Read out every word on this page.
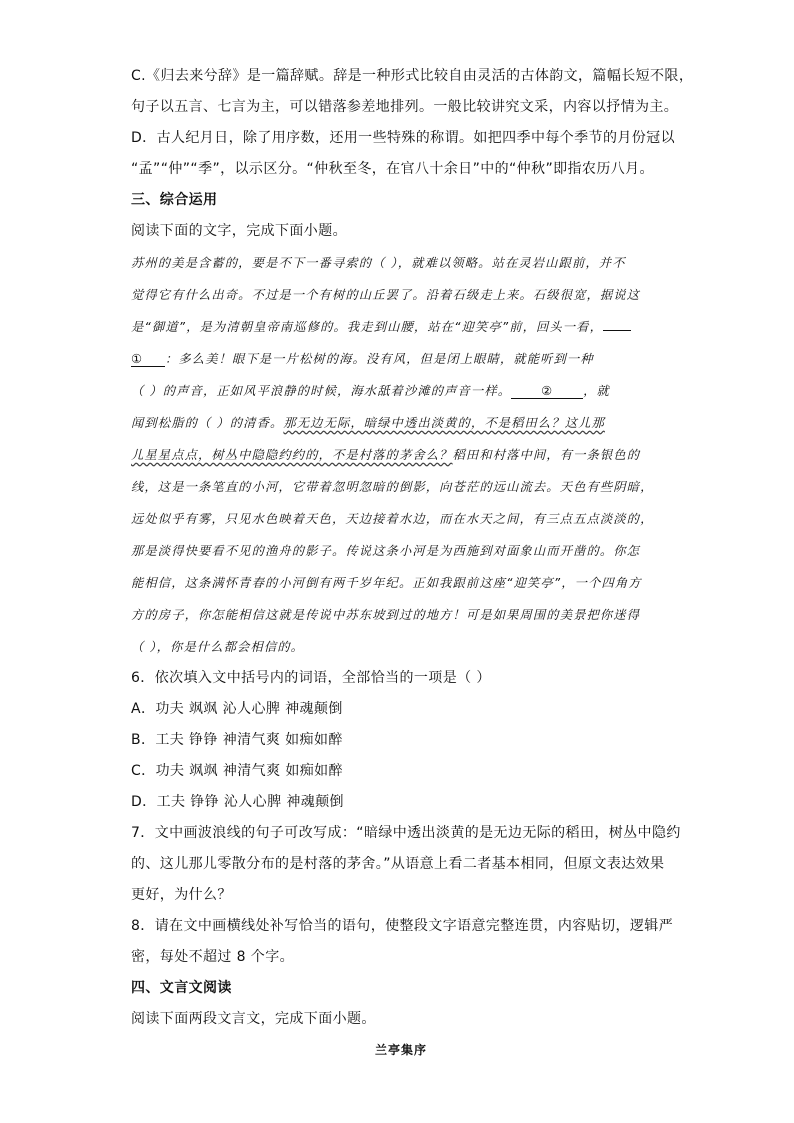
C.《归去来兮辞》是一篇辞赋。辞是一种形式比较自由灵活的古体韵文，篇幅长短不限，
句子以五言、七言为主，可以错落参差地排列。一般比较讲究文采，内容以抒情为主。
D．古人纪月日，除了用序数，还用一些特殊的称谓。如把四季中每个季节的月份冠以
“孟”“仲”“季”，以示区分。“仲秋至冬，在官八十余日”中的“仲秋”即指农历八月。
三、综合运用
阅读下面的文字，完成下面小题。
苏州的美是含蓄的，要是不下一番寻索的（ ），就难以领略。站在灵岩山跟前，并不
觉得它有什么出奇。不过是一个有树的山丘罢了。沿着石级走上来。石级很宽，据说这
是“御道”，是为清朝皇帝南巡修的。我走到山腰，站在“迎笑亭”前，回头一看，
① ：多么美！眼下是一片松树的海。没有风，但是闭上眼睛，就能听到一种
（ ）的声音，正如风平浪静的时候，海水舐着沙滩的声音一样。 ② ，就
闻到松脂的（ ）的清香。那无边无际，暗绿中透出淡黄的，不是稻田么？这儿那
儿星星点点，树丛中隐隐约约的，不是村落的茅舍么？稻田和村落中间，有一条银色的
线，这是一条笔直的小河，它带着忽明忽暗的倒影，向苍茫的远山流去。天色有些阴暗，
远处似乎有雾，只见水色映着天色，天边接着水边，而在水天之间，有三点五点淡淡的，
那是淡得快要看不见的渔舟的影子。传说这条小河是为西施到对面象山而开凿的。你怎
能相信，这条满怀青春的小河倒有两千岁年纪。正如我跟前这座“迎笑亭”，一个四角方
方的房子，你怎能相信这就是传说中苏东坡到过的地方！可是如果周围的美景把你迷得
（ ），你是什么都会相信的。
6．依次填入文中括号内的词语，全部恰当的一项是（ ）
A．功夫 飒飒 沁人心脾 神魂颠倒
B．工夫 铮铮 神清气爽 如痴如醉
C．功夫 飒飒 神清气爽 如痴如醉
D．工夫 铮铮 沁人心脾 神魂颠倒
7．文中画波浪线的句子可改写成：“暗绿中透出淡黄的是无边无际的稻田，树丛中隐约
的、这儿那儿零散分布的是村落的茅舍。”从语意上看二者基本相同，但原文表达效果
更好，为什么？
8．请在文中画横线处补写恰当的语句，使整段文字语意完整连贯，内容贴切，逻辑严
密，每处不超过 8 个字。
四、文言文阅读
阅读下面两段文言文，完成下面小题。
兰亭集序
